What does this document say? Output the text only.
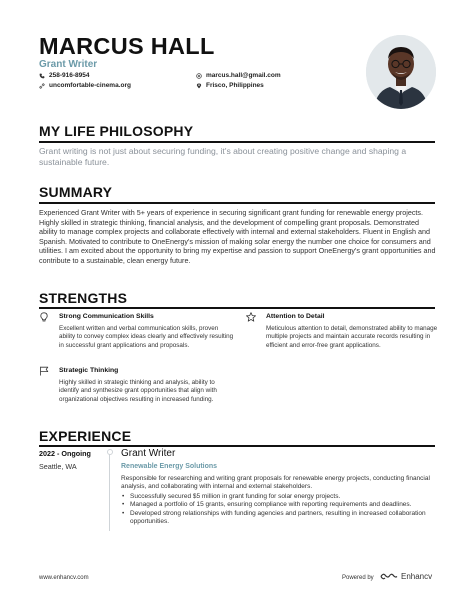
MARCUS HALL
Grant Writer
258-916-8954
uncomfortable-cinema.org
marcus.hall@gmail.com
Frisco, Philippines
MY LIFE PHILOSOPHY
Grant writing is not just about securing funding, it's about creating positive change and shaping a sustainable future.
SUMMARY
Experienced Grant Writer with 5+ years of experience in securing significant grant funding for renewable energy projects. Highly skilled in strategic thinking, financial analysis, and the development of compelling grant proposals. Demonstrated ability to manage complex projects and collaborate effectively with internal and external stakeholders. Fluent in English and Spanish. Motivated to contribute to OneEnergy's mission of making solar energy the number one choice for consumers and utilities. I am excited about the opportunity to bring my expertise and passion to support OneEnergy's grant opportunities and contribute to a sustainable, clean energy future.
STRENGTHS
Strong Communication Skills
Excellent written and verbal communication skills, proven ability to convey complex ideas clearly and effectively resulting in successful grant applications and proposals.
Attention to Detail
Meticulous attention to detail, demonstrated ability to manage multiple projects and maintain accurate records resulting in efficient and error-free grant applications.
Strategic Thinking
Highly skilled in strategic thinking and analysis, ability to identify and synthesize grant opportunities that align with organizational objectives resulting in increased funding.
EXPERIENCE
2022 - Ongoing
Seattle, WA
Grant Writer
Renewable Energy Solutions
Responsible for researching and writing grant proposals for renewable energy projects, conducting financial analysis, and collaborating with internal and external stakeholders.
• Successfully secured $5 million in grant funding for solar energy projects.
• Managed a portfolio of 15 grants, ensuring compliance with reporting requirements and deadlines.
• Developed strong relationships with funding agencies and partners, resulting in increased collaboration opportunities.
www.enhancv.com	Powered by	Enhancv
